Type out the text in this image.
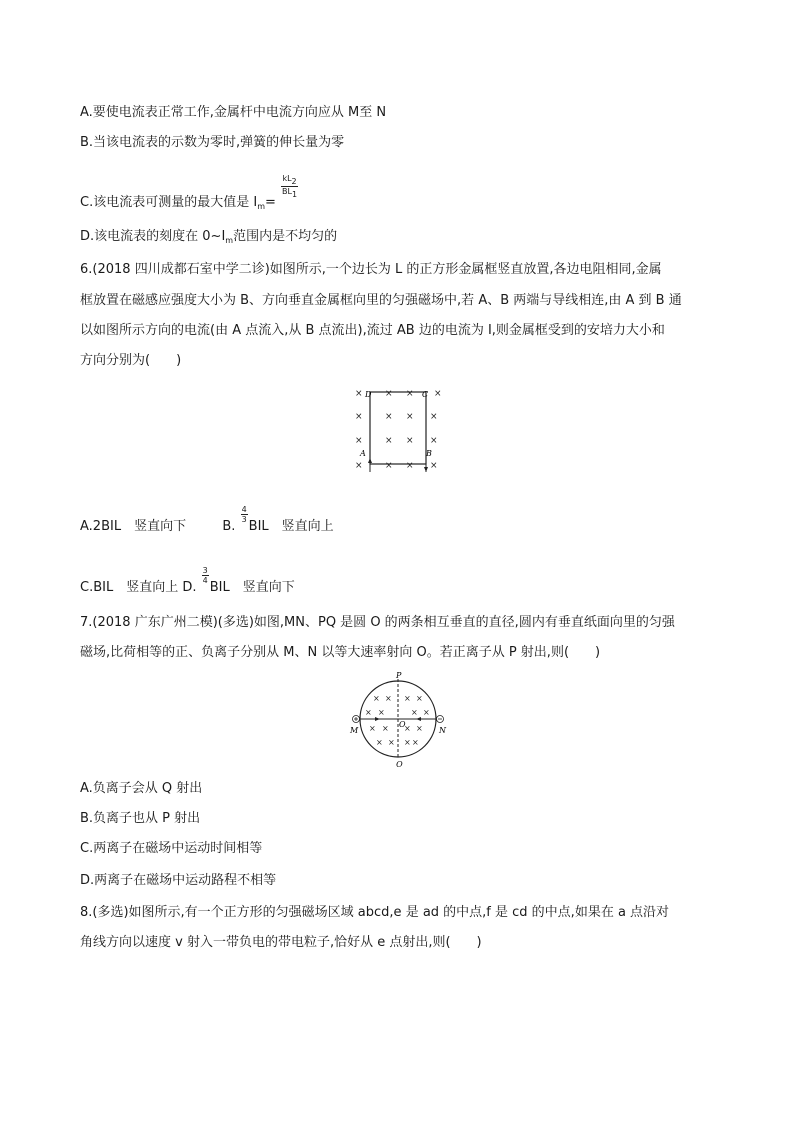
A.要使电流表正常工作,金属杆中电流方向应从 M至 N
B.当该电流表的示数为零时,弹簧的伸长量为零
C.该电流表可测量的最大值是 $I_m=$
$\frac{kL2}{BL1}$
D.该电流表的刻度在 $0\sim I_m$范围内是不均匀的
6.(2018 四川成都石室中学二诊)如图所示,一个边长为 L 的正方形金属框竖直放置,各边电阻相同,金属
框放置在磁感应强度大小为 B、方向垂直金属框向里的匀强磁场中,若 A、B 两端与导线相连,由 A 到 B 通
以如图所示方向的电流(由 A 点流入,从 B 点流出),流过 AB 边的电流为 I,则金属框受到的安培力大小和
方向分别为(　　)
× × × ×
× × × ×
× × × ×
× × × ×
D	C
A	B
A.2BIL　竖直向下	B.
$\frac{4}{3}$
BIL　竖直向上
C.BIL　竖直向上 D.
$\frac{3}{4}$
BIL　竖直向下
7.(2018 广东广州二模)(多选)如图,MN、PQ 是圆 O 的两条相互垂直的直径,圆内有垂直纸面向里的匀强
磁场,比荷相等的正、负离子分别从 M、N 以等大速率射向 O。若正离子从 P 射出,则(　　)
× × × ×
× ×	× ×
× × × ×
× × × ×
P
Q
M	N
O
A.负离子会从 Q 射出
B.负离子也从 P 射出
C.两离子在磁场中运动时间相等
D.两离子在磁场中运动路程不相等
8.(多选)如图所示,有一个正方形的匀强磁场区域 abcd,e 是 ad 的中点,f 是 cd 的中点,如果在 a 点沿对
角线方向以速度 v 射入一带负电的带电粒子,恰好从 e 点射出,则(　　)
